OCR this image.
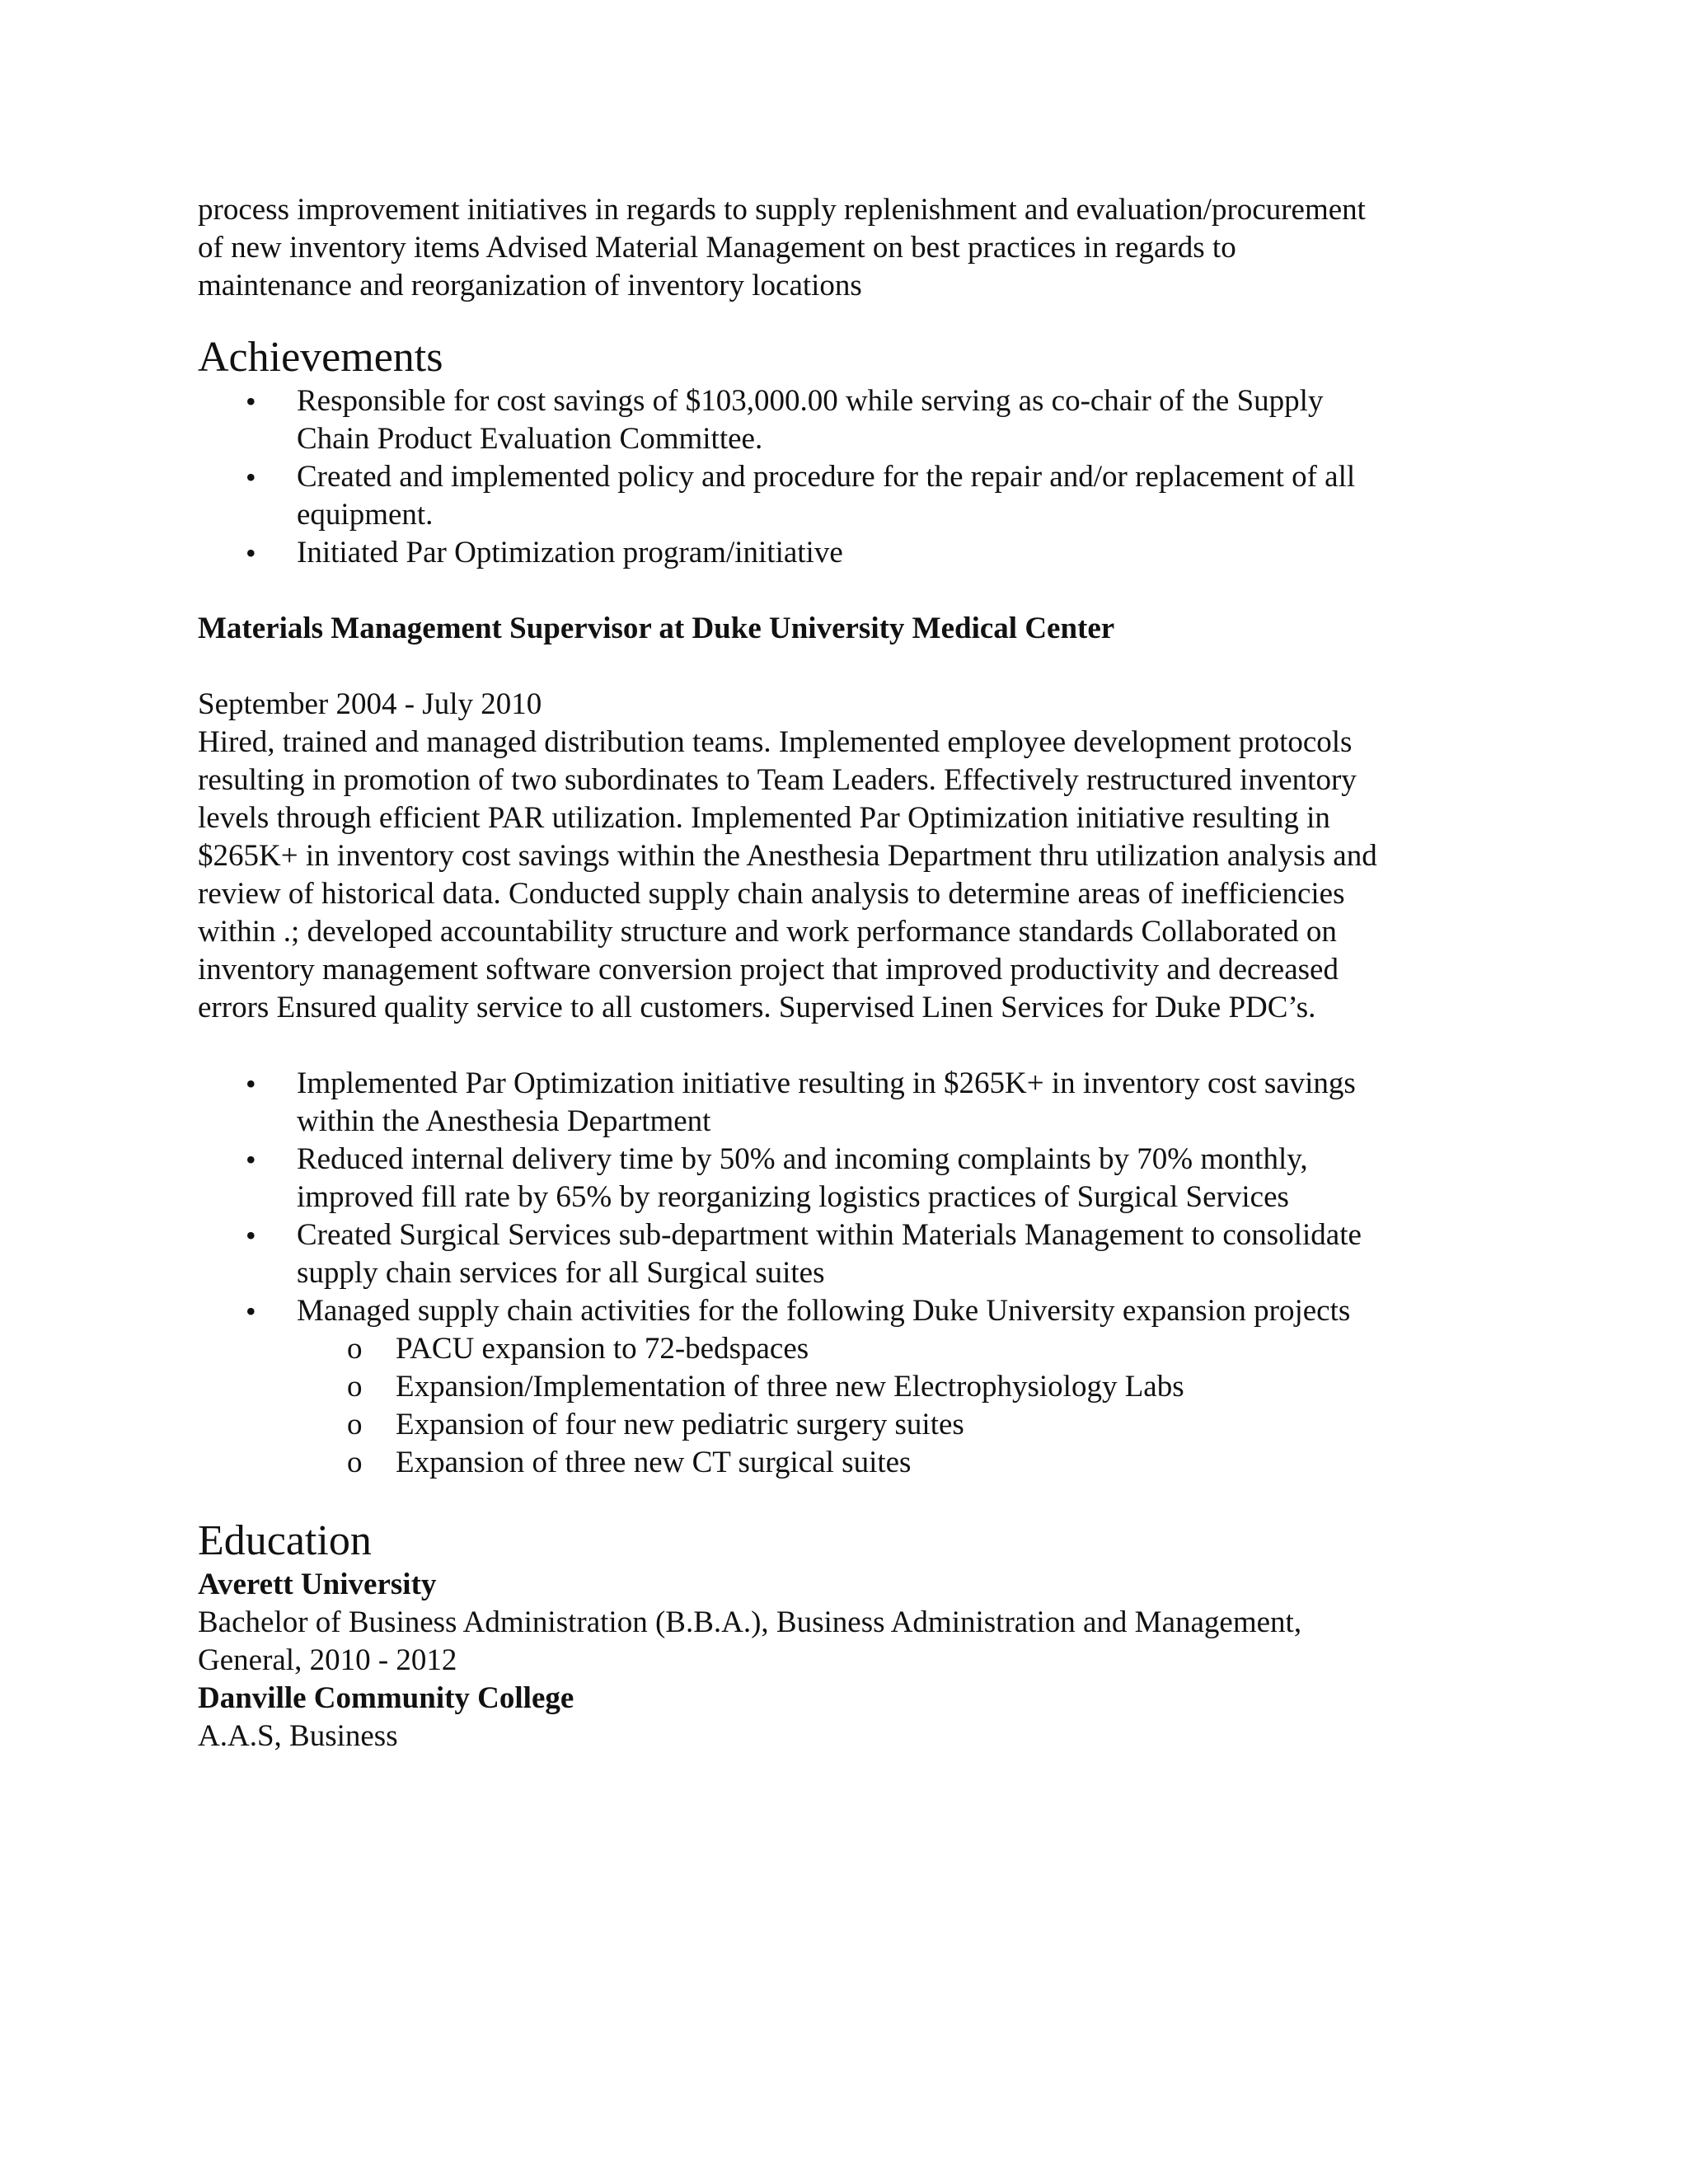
process improvement initiatives in regards to supply replenishment and evaluation/procurement

of new inventory items Advised Material Management on best practices in regards to

maintenance and reorganization of inventory locations

Achievements
• Responsible for cost savings of $103,000.00 while serving as co-chair of the Supply
Chain Product Evaluation Committee.
• Created and implemented policy and procedure for the repair and/or replacement of all
equipment.
• Initiated Par Optimization program/initiative
Materials Management Supervisor at Duke University Medical Center

September 2004 - July 2010

Hired, trained and managed distribution teams. Implemented employee development protocols

resulting in promotion of two subordinates to Team Leaders. Effectively restructured inventory

levels through efficient PAR utilization. Implemented Par Optimization initiative resulting in

$265K+ in inventory cost savings within the Anesthesia Department thru utilization analysis and

review of historical data. Conducted supply chain analysis to determine areas of inefficiencies

within .; developed accountability structure and work performance standards Collaborated on

inventory management software conversion project that improved productivity and decreased

errors Ensured quality service to all customers. Supervised Linen Services for Duke PDC’s.

• Implemented Par Optimization initiative resulting in $265K+ in inventory cost savings
within the Anesthesia Department
• Reduced internal delivery time by 50% and incoming complaints by 70% monthly,
improved fill rate by 65% by reorganizing logistics practices of Surgical Services
• Created Surgical Services sub-department within Materials Management to consolidate
supply chain services for all Surgical suites
• Managed supply chain activities for the following Duke University expansion projects
o PACU expansion to 72-bedspaces
o Expansion/Implementation of three new Electrophysiology Labs
o Expansion of four new pediatric surgery suites
o Expansion of three new CT surgical suites
Education

Averett University

Bachelor of Business Administration (B.B.A.), Business Administration and Management,

General, 2010 - 2012

Danville Community College

A.A.S, Business
